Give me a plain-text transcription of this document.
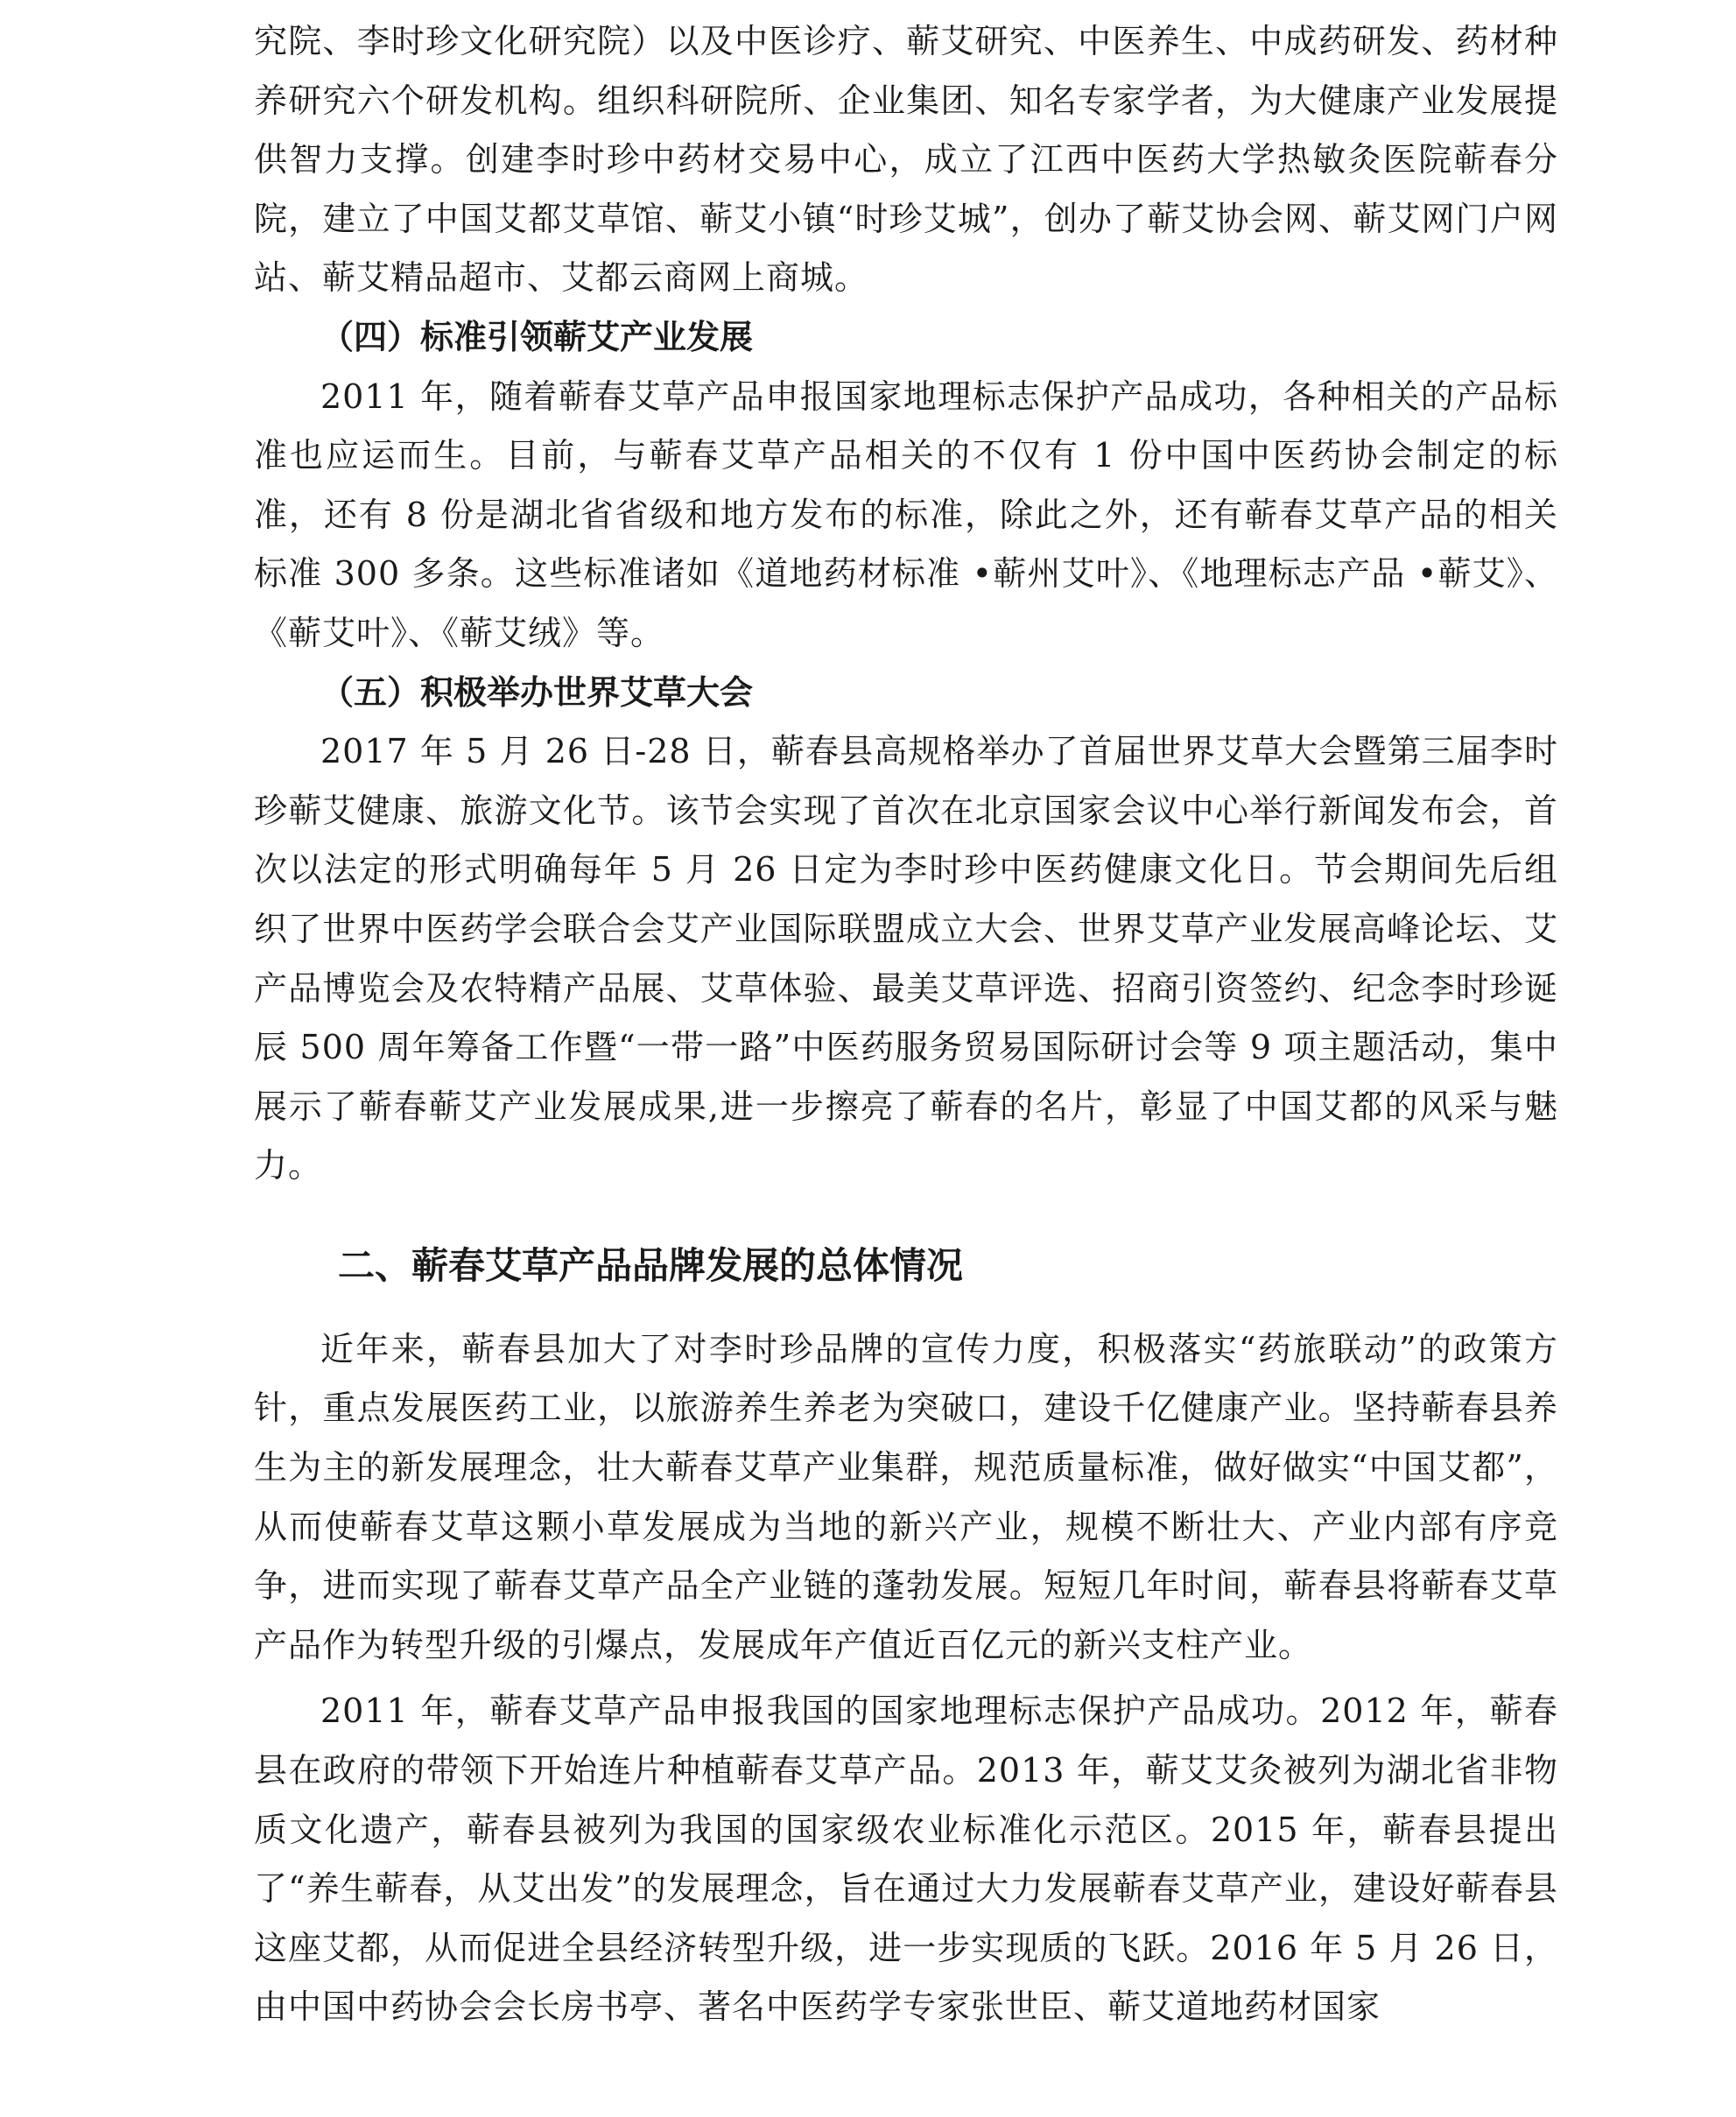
究院、李时珍文化研究院）以及中医诊疗、蕲艾研究、中医养生、中成药研发、药材种养研究六个研发机构。组织科研院所、企业集团、知名专家学者，为大健康产业发展提供智力支撑。创建李时珍中药材交易中心，成立了江西中医药大学热敏灸医院蕲春分院，建立了中国艾都艾草馆、蕲艾小镇“时珍艾城”，创办了蕲艾协会网、蕲艾网门户网站、蕲艾精品超市、艾都云商网上商城。

（四）标准引领蕲艾产业发展

2011 年，随着蕲春艾草产品申报国家地理标志保护产品成功，各种相关的产品标准也应运而生。目前，与蕲春艾草产品相关的不仅有 1 份中国中医药协会制定的标准，还有 8 份是湖北省省级和地方发布的标准，除此之外，还有蕲春艾草产品的相关标准 300 多条。这些标准诸如《道地药材标准 •蕲州艾叶》、《地理标志产品 •蕲艾》、《蕲艾叶》、《蕲艾绒》等。

（五）积极举办世界艾草大会

2017 年 5 月 26 日-28 日，蕲春县高规格举办了首届世界艾草大会暨第三届李时珍蕲艾健康、旅游文化节。该节会实现了首次在北京国家会议中心举行新闻发布会，首次以法定的形式明确每年 5 月 26 日定为李时珍中医药健康文化日。节会期间先后组织了世界中医药学会联合会艾产业国际联盟成立大会、世界艾草产业发展高峰论坛、艾产品博览会及农特精产品展、艾草体验、最美艾草评选、招商引资签约、纪念李时珍诞辰 500 周年筹备工作暨“一带一路”中医药服务贸易国际研讨会等 9 项主题活动，集中展示了蕲春蕲艾产业发展成果,进一步擦亮了蕲春的名片，彰显了中国艾都的风采与魅力。

二、蕲春艾草产品品牌发展的总体情况

近年来，蕲春县加大了对李时珍品牌的宣传力度，积极落实“药旅联动”的政策方针，重点发展医药工业，以旅游养生养老为突破口，建设千亿健康产业。坚持蕲春县养生为主的新发展理念，壮大蕲春艾草产业集群，规范质量标准，做好做实“中国艾都”，从而使蕲春艾草这颗小草发展成为当地的新兴产业，规模不断壮大、产业内部有序竞争，进而实现了蕲春艾草产品全产业链的蓬勃发展。短短几年时间，蕲春县将蕲春艾草产品作为转型升级的引爆点，发展成年产值近百亿元的新兴支柱产业。

2011 年，蕲春艾草产品申报我国的国家地理标志保护产品成功。2012 年，蕲春县在政府的带领下开始连片种植蕲春艾草产品。2013 年，蕲艾艾灸被列为湖北省非物质文化遗产，蕲春县被列为我国的国家级农业标准化示范区。2015 年，蕲春县提出了“养生蕲春，从艾出发”的发展理念，旨在通过大力发展蕲春艾草产业，建设好蕲春县这座艾都，从而促进全县经济转型升级，进一步实现质的飞跃。2016 年 5 月 26 日，由中国中药协会会长房书亭、著名中医药学专家张世臣、蕲艾道地药材国家
